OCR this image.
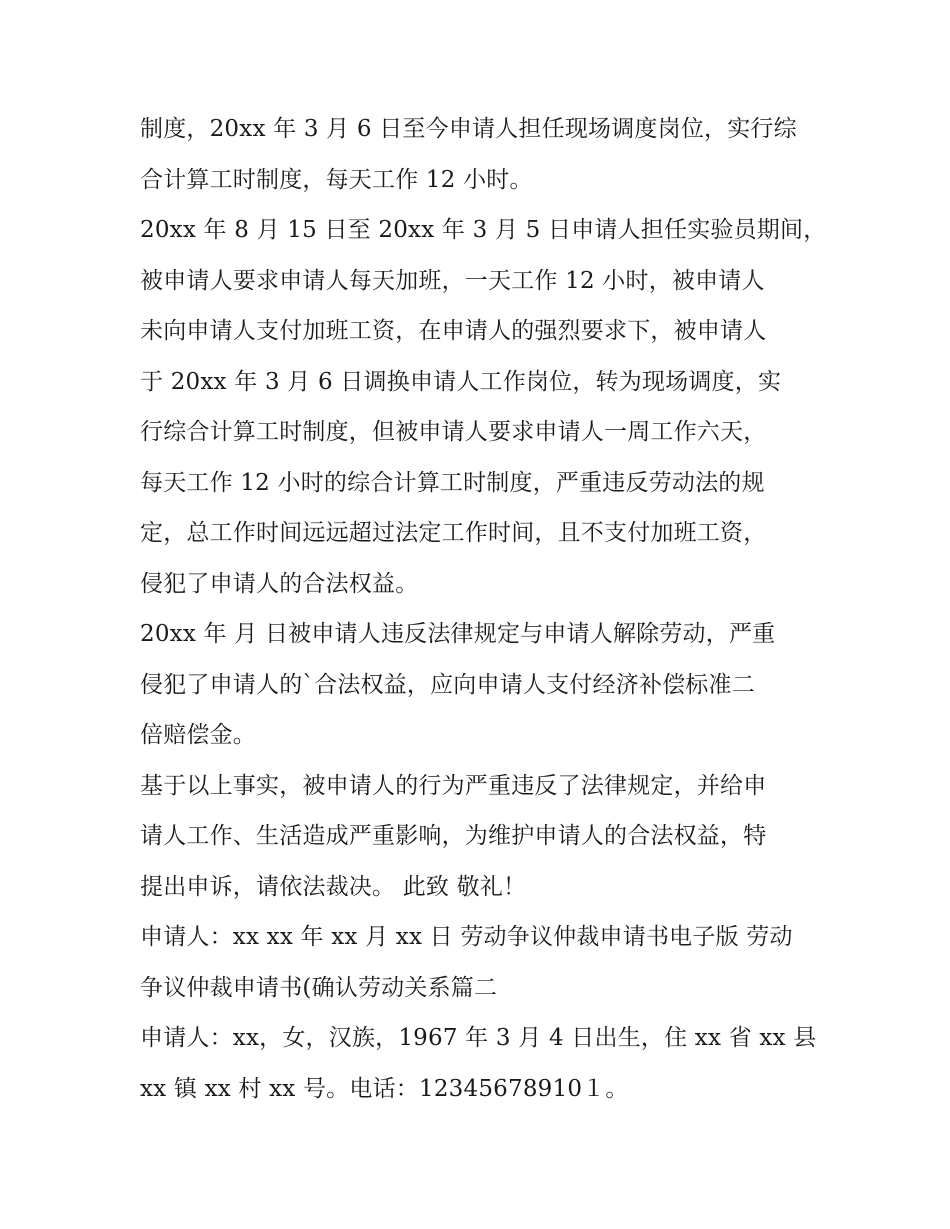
制度，20xx 年 3 月 6 日至今申请人担任现场调度岗位，实行综
合计算工时制度，每天工作 12 小时。
20xx 年 8 月 15 日至 20xx 年 3 月 5 日申请人担任实验员期间，
被申请人要求申请人每天加班，一天工作 12 小时，被申请人
未向申请人支付加班工资，在申请人的强烈要求下，被申请人
于 20xx 年 3 月 6 日调换申请人工作岗位，转为现场调度，实
行综合计算工时制度，但被申请人要求申请人一周工作六天，
每天工作 12 小时的综合计算工时制度，严重违反劳动法的规
定，总工作时间远远超过法定工作时间，且不支付加班工资，
侵犯了申请人的合法权益。
20xx 年 月 日被申请人违反法律规定与申请人解除劳动，严重
侵犯了申请人的`合法权益，应向申请人支付经济补偿标准二
倍赔偿金。
基于以上事实，被申请人的行为严重违反了法律规定，并给申
请人工作、生活造成严重影响，为维护申请人的合法权益，特
提出申诉，请依法裁决。 此致 敬礼！
申请人：xx xx 年 xx 月 xx 日 劳动争议仲裁申请书电子版 劳动
争议仲裁申请书(确认劳动关系篇二
申请人：xx，女，汉族，1967 年 3 月 4 日出生，住 xx 省 xx 县
xx 镇 xx 村 xx 号。电话：12345678910１。
